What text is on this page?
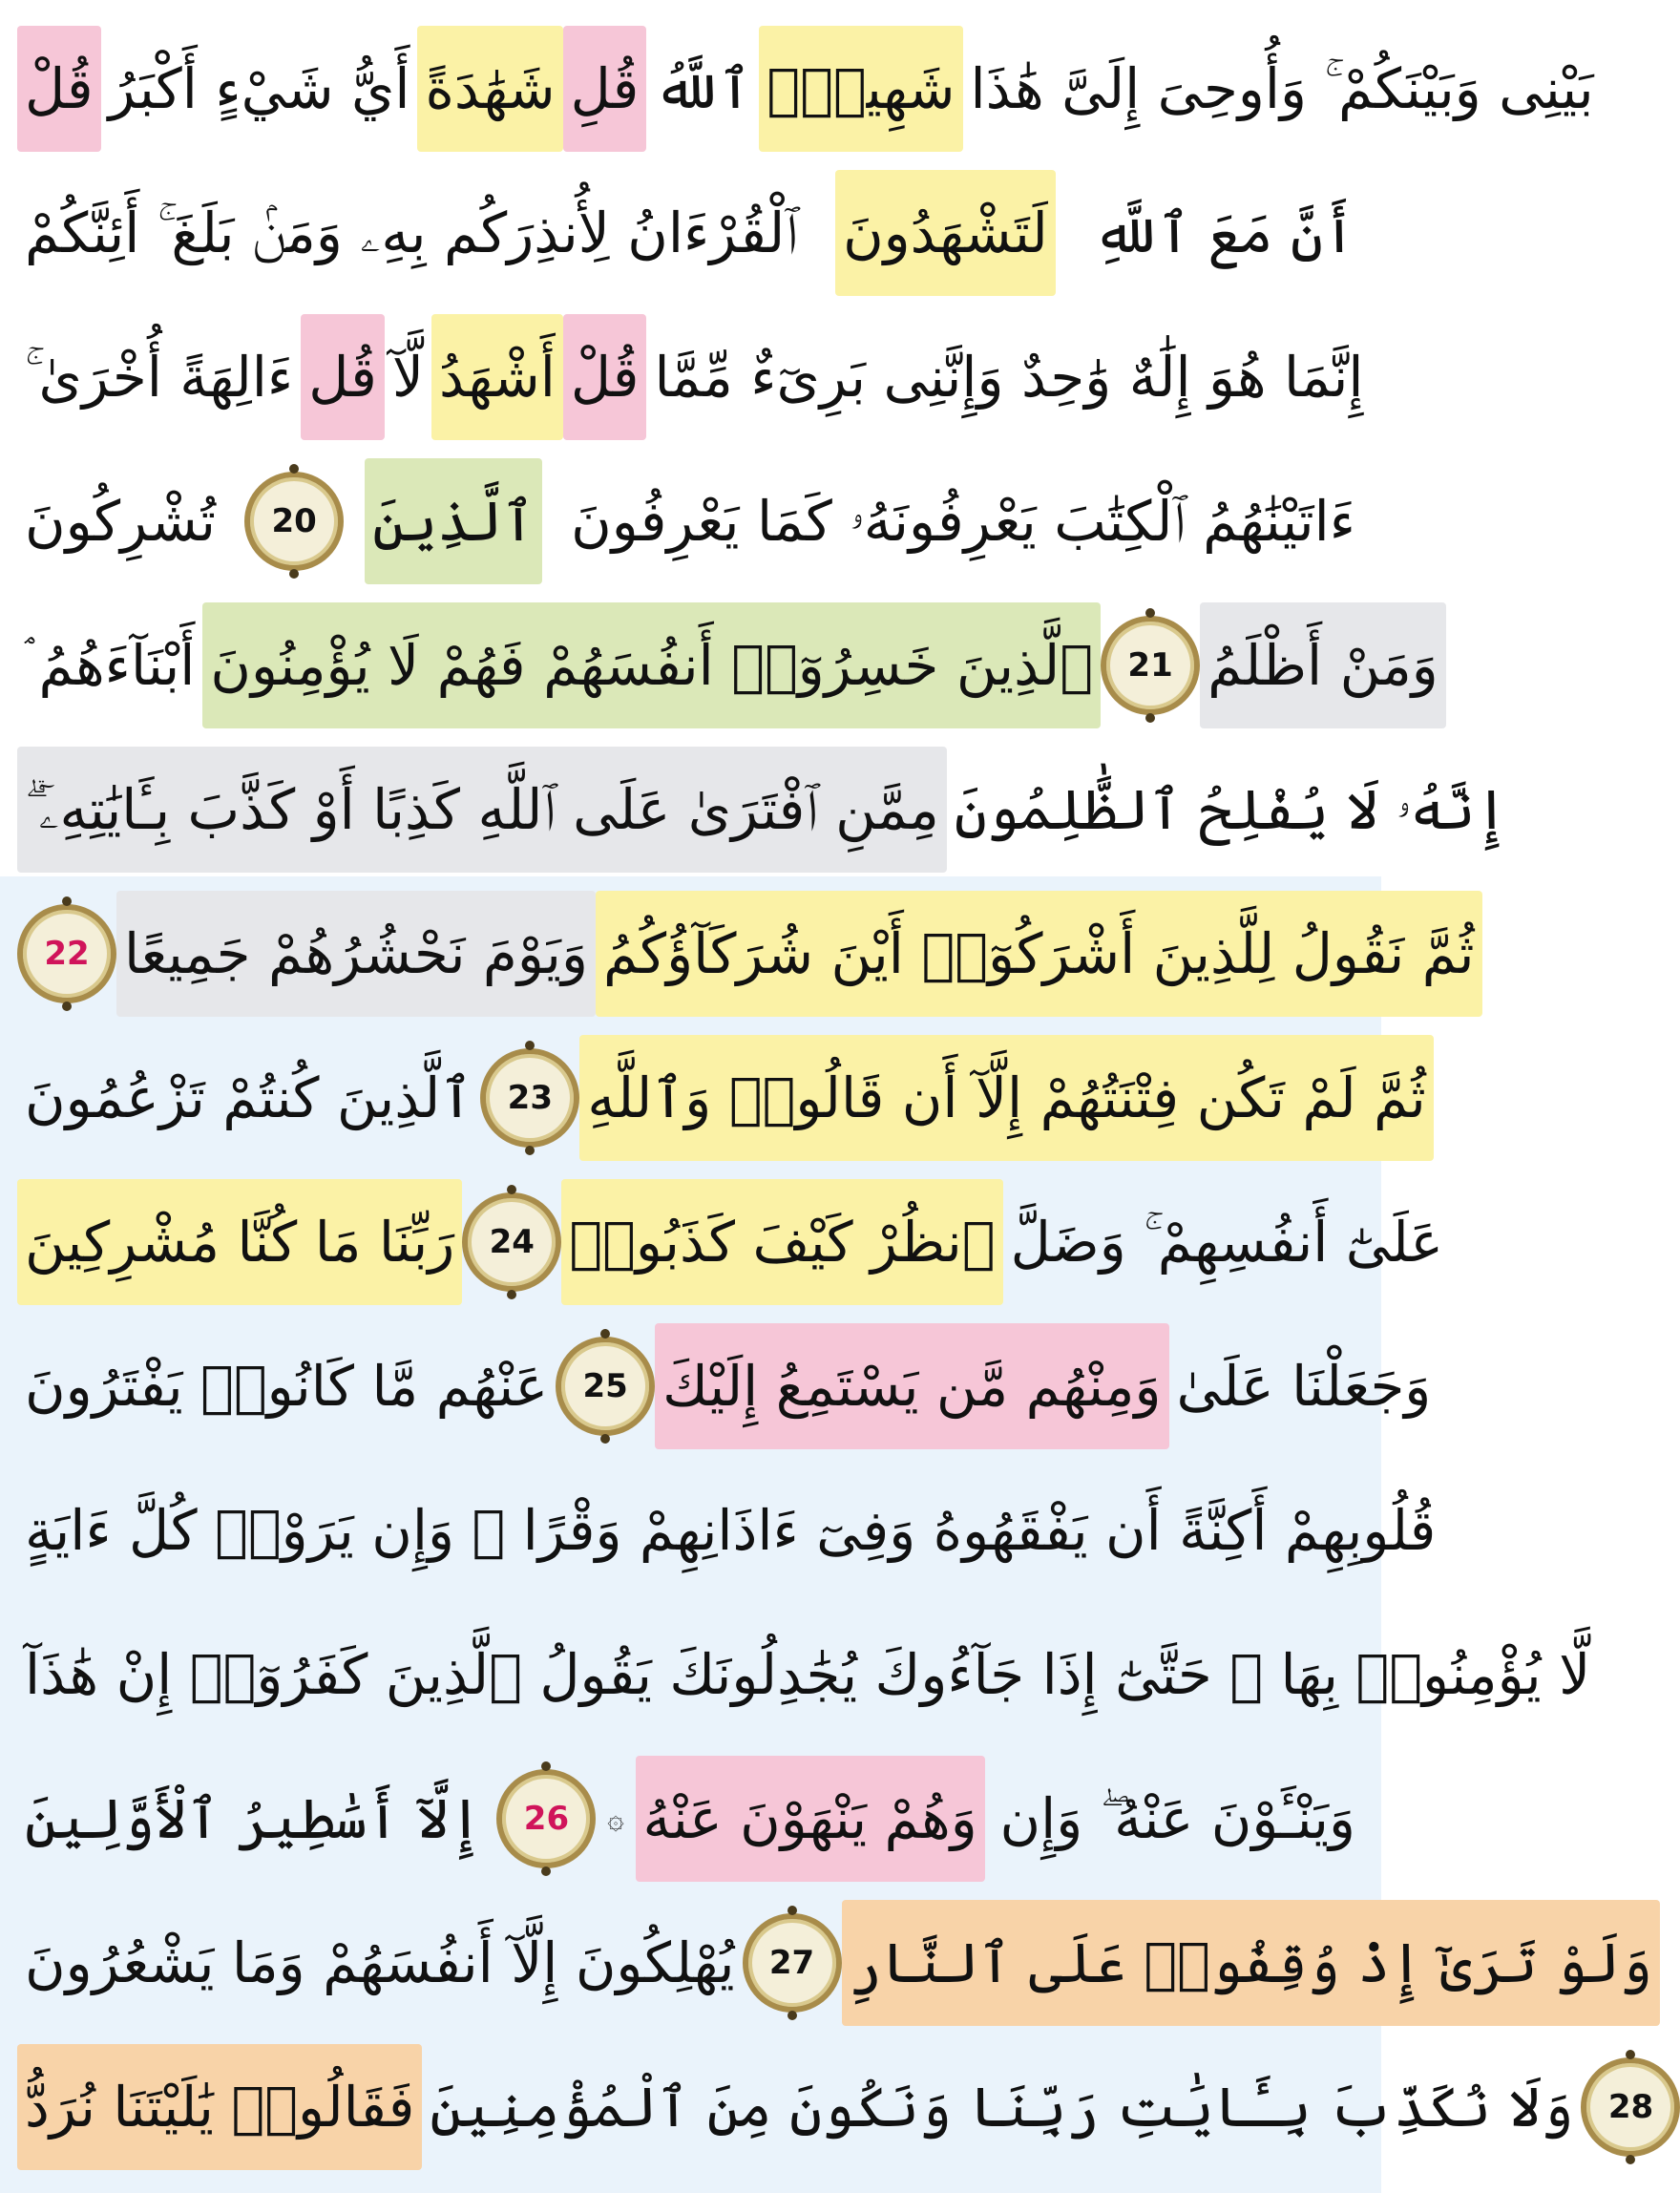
قُلْ أَيُّ شَيْءٍ أَكْبَرُ شَهَٰدَةً قُلِ ٱللَّهُ شَهِيدُۢ بَيْنِى وَبَيْنَكُمْ ۚ وَأُوحِىَ إِلَىَّ هَٰذَا
ٱلْقُرْءَانُ لِأُنذِرَكُم بِهِۦ وَمَنۢ بَلَغَ ۚ أَئِنَّكُمْ لَتَشْهَدُونَ أَنَّ مَعَ ٱللَّهِ
ءَالِهَةً أُخْرَىٰ ۚ قُل لَّآ أَشْهَدُ قُلْ إِنَّمَا هُوَ إِلَٰهٌ وَٰحِدٌ وَإِنَّنِى بَرِىٓءٌ مِّمَّا
تُشْرِكُونَ 20 ٱلَّذِينَ ءَاتَيْنَٰهُمُ ٱلْكِتَٰبَ يَعْرِفُونَهُۥ كَمَا يَعْرِفُونَ
أَبْنَآءَهُمُ ۘ ٱلَّذِينَ خَسِرُوٓا۟ أَنفُسَهُمْ فَهُمْ لَا يُؤْمِنُونَ 21 وَمَنْ أَظْلَمُ
مِمَّنِ ٱفْتَرَىٰ عَلَى ٱللَّهِ كَذِبًا أَوْ كَذَّبَ بِـَٔايَٰتِهِۦٓ ۗ إِنَّهُۥ لَا يُفْلِحُ ٱلظَّٰلِمُونَ
22 وَيَوْمَ نَحْشُرُهُمْ جَمِيعًا ثُمَّ نَقُولُ لِلَّذِينَ أَشْرَكُوٓا۟ أَيْنَ شُرَكَآؤُكُمُ
ٱلَّذِينَ كُنتُمْ تَزْعُمُونَ 23 ثُمَّ لَمْ تَكُن فِتْنَتُهُمْ إِلَّآ أَن قَالُوا۟ وَٱللَّهِ
رَبِّنَا مَا كُنَّا مُشْرِكِينَ 24 ٱنظُرْ كَيْفَ كَذَبُوا۟ عَلَىٰٓ أَنفُسِهِمْ ۚ وَضَلَّ
عَنْهُم مَّا كَانُوا۟ يَفْتَرُونَ 25 وَمِنْهُم مَّن يَسْتَمِعُ إِلَيْكَ وَجَعَلْنَا عَلَىٰ
قُلُوبِهِمْ أَكِنَّةً أَن يَفْقَهُوهُ وَفِىٓ ءَاذَانِهِمْ وَقْرًا ۚ وَإِن يَرَوْا۟ كُلَّ ءَايَةٍ
لَّا يُؤْمِنُوا۟ بِهَا ۚ حَتَّىٰٓ إِذَا جَآءُوكَ يُجَٰدِلُونَكَ يَقُولُ ٱلَّذِينَ كَفَرُوٓا۟ إِنْ هَٰذَآ
إِلَّآ أَسَٰطِيرُ ٱلْأَوَّلِينَ 26 ۞ وَهُمْ يَنْهَوْنَ عَنْهُ وَيَنْـَٔوْنَ عَنْهُ ۖ وَإِن
يُهْلِكُونَ إِلَّآ أَنفُسَهُمْ وَمَا يَشْعُرُونَ 27 وَلَوْ تَرَىٰٓ إِذْ وُقِفُوا۟ عَلَى ٱلنَّارِ
فَقَالُوا۟ يَٰلَيْتَنَا نُرَدُّ وَلَا نُكَذِّبَ بِـَٔايَٰتِ رَبِّنَا وَنَكُونَ مِنَ ٱلْمُؤْمِنِينَ 28
